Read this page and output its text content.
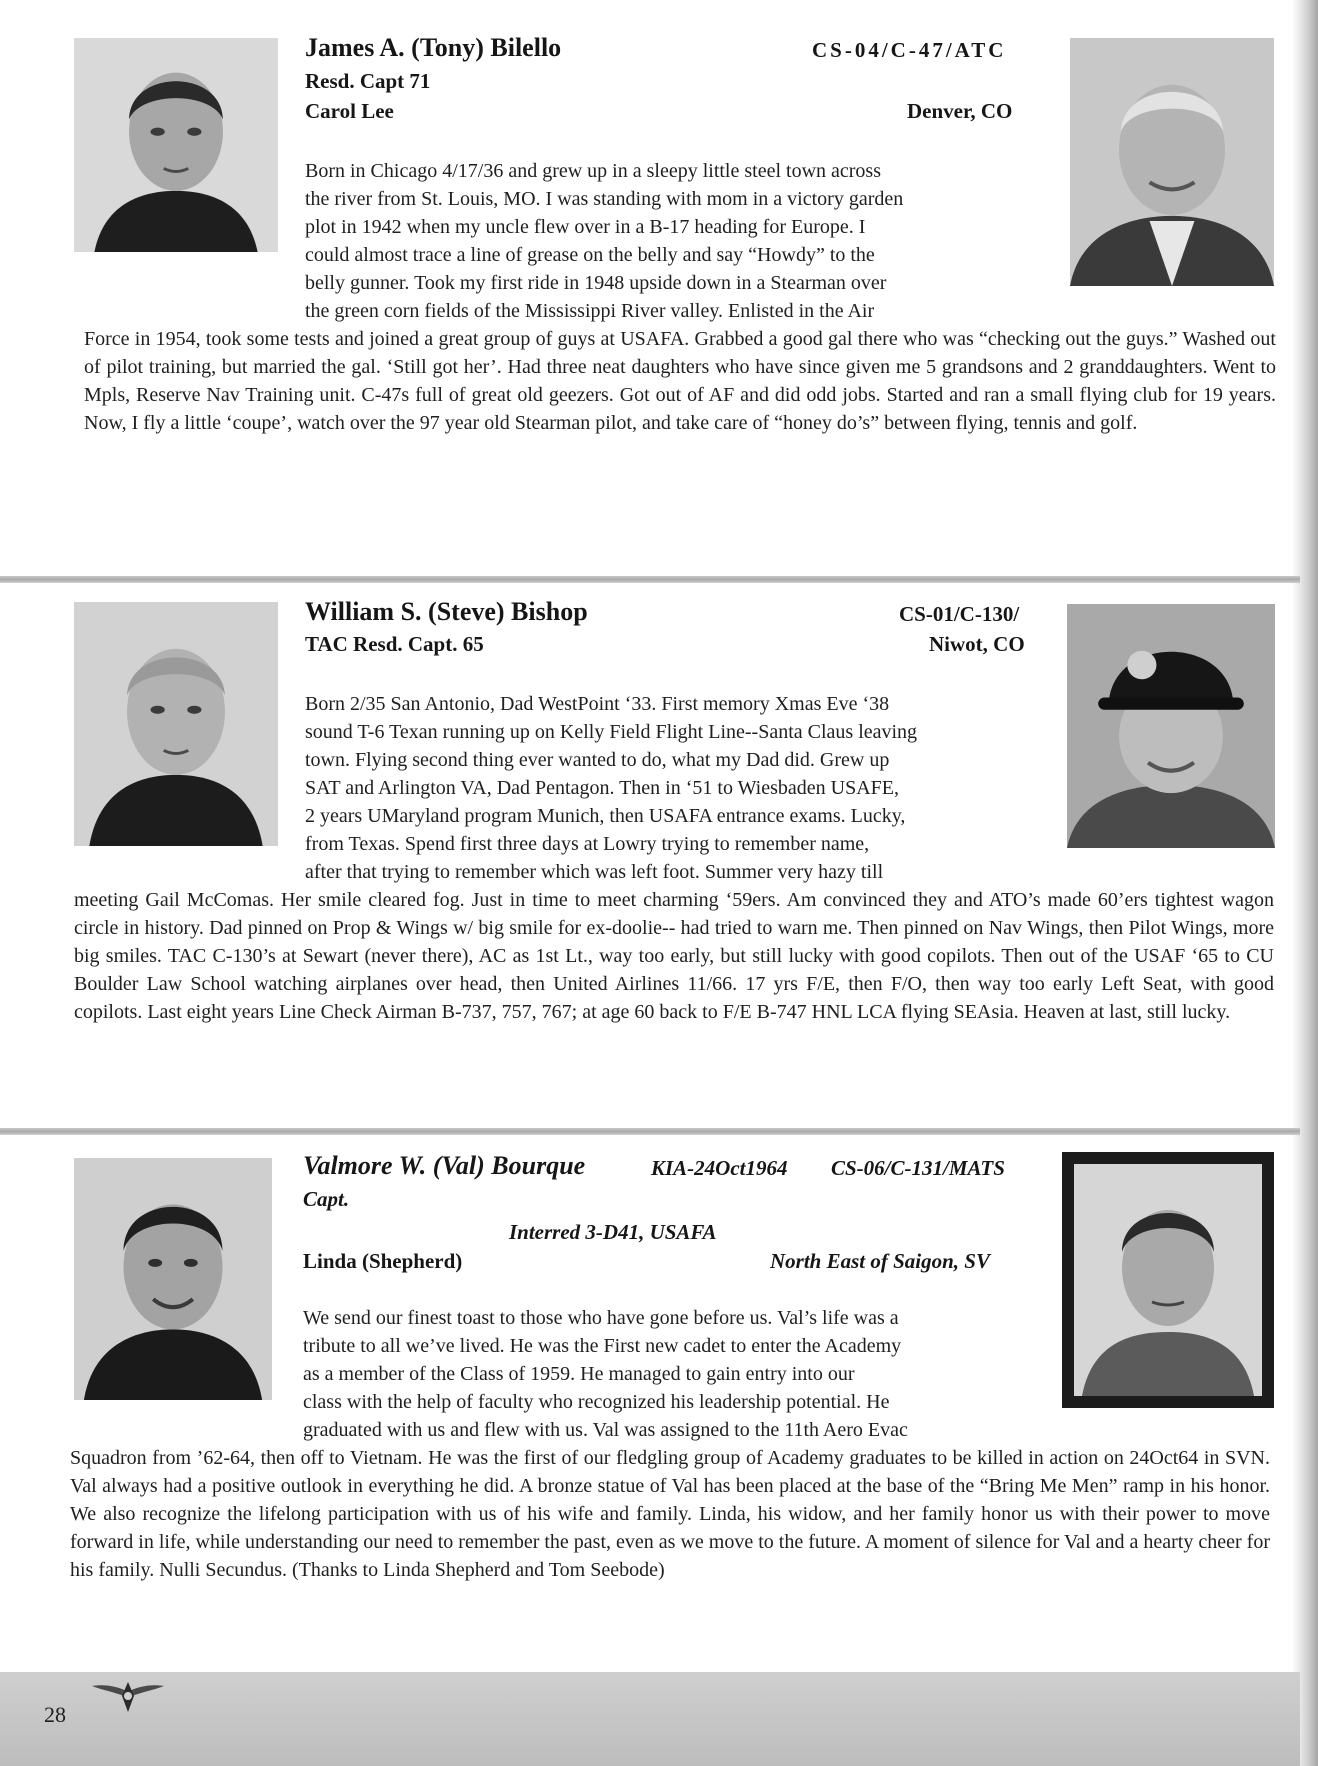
James A. (Tony) Bilello	CS-04/C-47/ATC
Resd. Capt 71
Carol Lee	Denver, CO
Born in Chicago 4/17/36 and grew up in a sleepy little steel town across
the river from St. Louis, MO. I was standing with mom in a victory garden
plot in 1942 when my uncle flew over in a B-17 heading for Europe. I
could almost trace a line of grease on the belly and say “Howdy” to the
belly gunner. Took my first ride in 1948 upside down in a Stearman over
the green corn fields of the Mississippi River valley. Enlisted in the Air
Force in 1954, took some tests and joined a great group of guys at USAFA. Grabbed a good gal there who was “checking out the guys.” Washed out of pilot training, but married the gal. ‘Still got her’. Had three neat daughters who have since given me 5 grandsons and 2 granddaughters. Went to Mpls, Reserve Nav Training unit. C-47s full of great old geezers. Got out of AF and did odd jobs. Started and ran a small flying club for 19 years. Now, I fly a little ‘coupe’, watch over the 97 year old Stearman pilot, and take care of “honey do’s” between flying, tennis and golf.
William S. (Steve) Bishop	CS-01/C-130/
TAC Resd. Capt. 65	Niwot, CO
Born 2/35 San Antonio, Dad WestPoint ‘33. First memory Xmas Eve ‘38
sound T-6 Texan running up on Kelly Field Flight Line--Santa Claus leaving
town. Flying second thing ever wanted to do, what my Dad did. Grew up
SAT and Arlington VA, Dad Pentagon. Then in ‘51 to Wiesbaden USAFE,
2 years UMaryland program Munich, then USAFA entrance exams. Lucky,
from Texas. Spend first three days at Lowry trying to remember name,
after that trying to remember which was left foot. Summer very hazy till
meeting Gail McComas. Her smile cleared fog. Just in time to meet charming ‘59ers. Am convinced they and ATO’s made 60’ers tightest wagon circle in history. Dad pinned on Prop & Wings w/ big smile for ex-doolie-- had tried to warn me. Then pinned on Nav Wings, then Pilot Wings, more big smiles. TAC C-130’s at Sewart (never there), AC as 1st Lt., way too early, but still lucky with good copilots. Then out of the USAF ‘65 to CU Boulder Law School watching airplanes over head, then United Airlines 11/66. 17 yrs F/E, then F/O, then way too early Left Seat, with good copilots. Last eight years Line Check Airman B-737, 757, 767; at age 60 back to F/E B-747 HNL LCA flying SEAsia. Heaven at last, still lucky.
Valmore W. (Val) Bourque	KIA-24Oct1964 CS-06/C-131/MATS
Capt.
Interred 3-D41, USAFA
Linda (Shepherd)	North East of Saigon, SV
We send our finest toast to those who have gone before us. Val’s life was a
tribute to all we’ve lived. He was the First new cadet to enter the Academy
as a member of the Class of 1959. He managed to gain entry into our
class with the help of faculty who recognized his leadership potential. He
graduated with us and flew with us. Val was assigned to the 11th Aero Evac
Squadron from ’62-64, then off to Vietnam. He was the first of our fledgling group of Academy graduates to be killed in action on 24Oct64 in SVN. Val always had a positive outlook in everything he did. A bronze statue of Val has been placed at the base of the “Bring Me Men” ramp in his honor. We also recognize the lifelong participation with us of his wife and family. Linda, his widow, and her family honor us with their power to move forward in life, while understanding our need to remember the past, even as we move to the future. A moment of silence for Val and a hearty cheer for his family. Nulli Secundus. (Thanks to Linda Shepherd and Tom Seebode)
28
